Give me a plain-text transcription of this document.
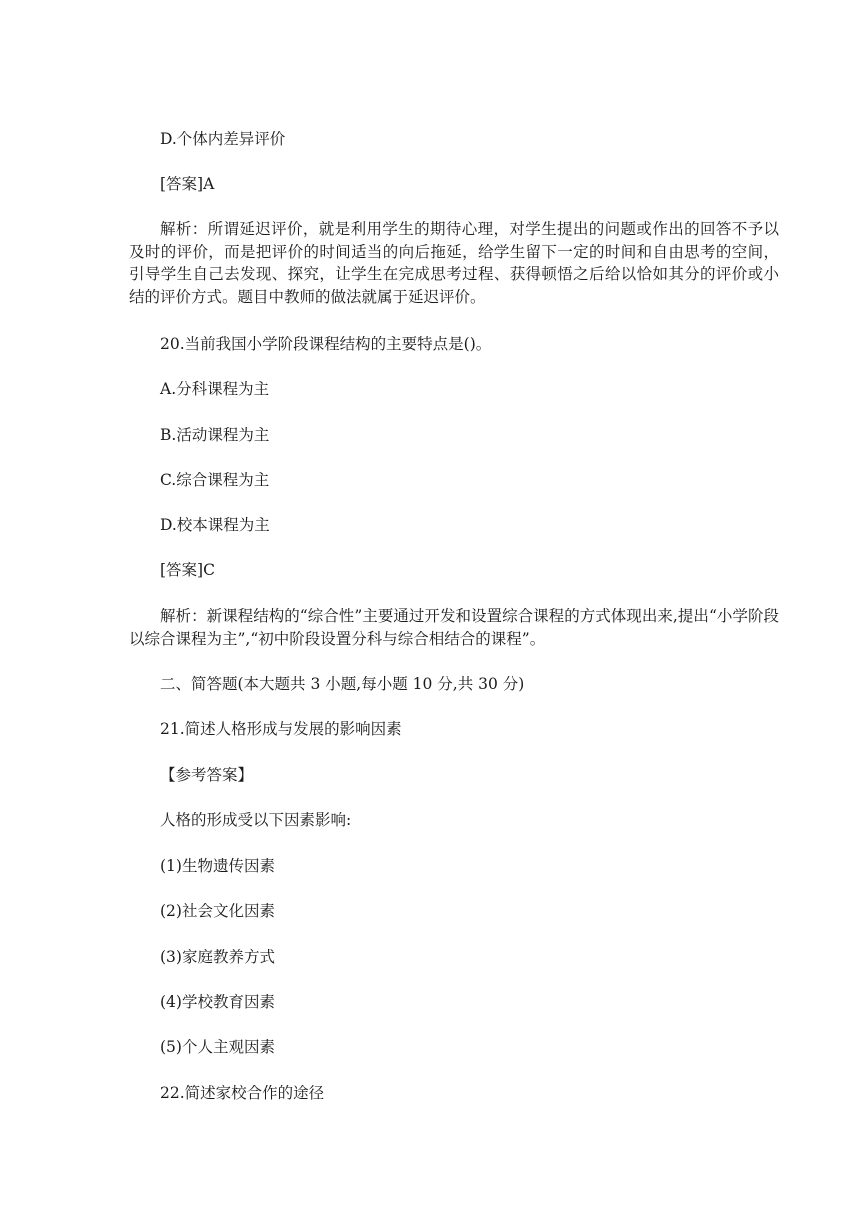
D.个体内差异评价
[答案]A
解析：所谓延迟评价，就是利用学生的期待心理，对学生提出的问题或作出的回答不予以及时的评价，而是把评价的时间适当的向后拖延，给学生留下一定的时间和自由思考的空间，引导学生自己去发现、探究，让学生在完成思考过程、获得顿悟之后给以恰如其分的评价或小结的评价方式。题目中教师的做法就属于延迟评价。
20.当前我国小学阶段课程结构的主要特点是()。
A.分科课程为主
B.活动课程为主
C.综合课程为主
D.校本课程为主
[答案]C
解析：新课程结构的“综合性”主要通过开发和设置综合课程的方式体现出来,提出“小学阶段以综合课程为主”,“初中阶段设置分科与综合相结合的课程”。
二、简答题(本大题共 3 小题,每小题 10 分,共 30 分)
21.简述人格形成与发展的影响因素
【参考答案】
人格的形成受以下因素影响:
(1)生物遗传因素
(2)社会文化因素
(3)家庭教养方式
(4)学校教育因素
(5)个人主观因素
22.简述家校合作的途径
